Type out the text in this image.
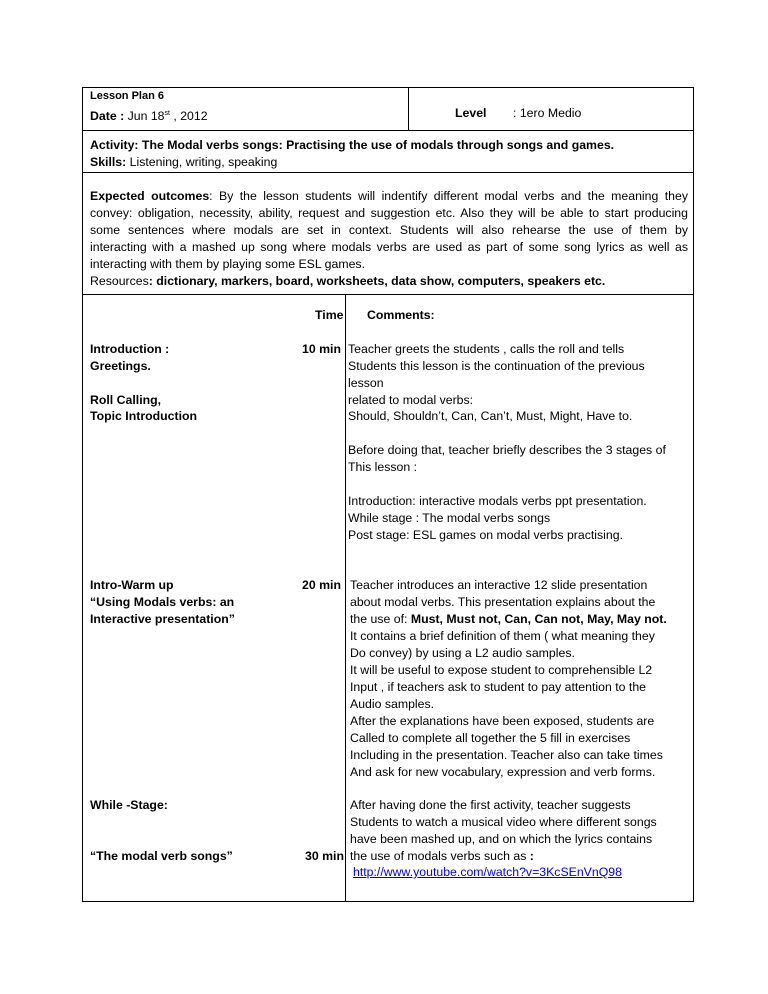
Lesson Plan 6
Date : Jun 18st , 2012	Level : 1ero Medio
Activity: The Modal verbs songs: Practising the use of modals through songs and games.
Skills: Listening, writing, speaking
Expected outcomes: By the lesson students will indentify different modal verbs and the meaning they
convey: obligation, necessity, ability, request and suggestion etc. Also they will be able to start producing
some sentences where modals are set in context. Students will also rehearse the use of them by
interacting with a mashed up song where modals verbs are used as part of some song lyrics as well as
interacting with them by playing some ESL games.
Resources: dictionary, markers, board, worksheets, data show, computers, speakers etc.
Time Comments:
Introduction :
Greetings.
Roll Calling,
Topic Introduction
10 min Teacher greets the students , calls the roll and tells
Students this lesson is the continuation of the previous
lesson
related to modal verbs:
Should, Shouldn’t, Can, Can’t, Must, Might, Have to.
Before doing that, teacher briefly describes the 3 stages of
This lesson :
Introduction: interactive modals verbs ppt presentation.
While stage : The modal verbs songs
Post stage: ESL games on modal verbs practising.
Intro-Warm up
“Using Modals verbs: an
Interactive presentation”
20 min Teacher introduces an interactive 12 slide presentation
about modal verbs. This presentation explains about the
the use of: Must, Must not, Can, Can not, May, May not.
It contains a brief definition of them ( what meaning they
Do convey) by using a L2 audio samples.
It will be useful to expose student to comprehensible L2
Input , if teachers ask to student to pay attention to the
Audio samples.
After the explanations have been exposed, students are
Called to complete all together the 5 fill in exercises
Including in the presentation. Teacher also can take times
And ask for new vocabulary, expression and verb forms.
While -Stage:
“The modal verb songs”	30 min
After having done the first activity, teacher suggests
Students to watch a musical video where different songs
have been mashed up, and on which the lyrics contains
the use of modals verbs such as :
http://www.youtube.com/watch?v=3KcSEnVnQ98
